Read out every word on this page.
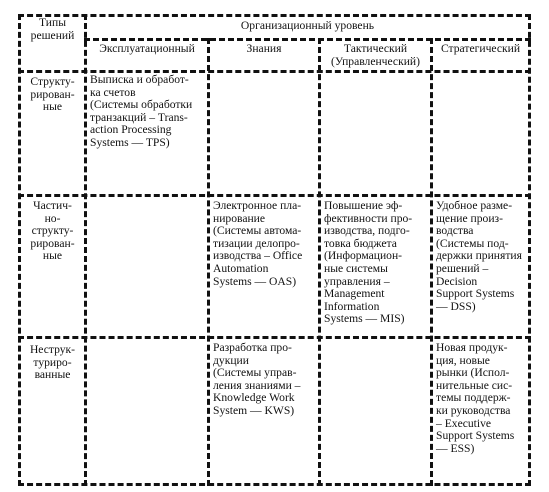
Типы
решений
Организационный уровень
Эксплуатационный	Знания	Тактический
(Управленческий)
Стратегический
Структу-
рирован-
ные
Выписка и обработ-
ка счетов
(Системы обработки
транзакций – Trans-
action Processing
Systems — TPS)
Частич-
но-
структу-
рирован-
ные
Электронное пла-
нирование
(Системы автома-
тизации делопро-
изводства – Office
Automation
Systems — OAS)
Повышение эф-
фективности про-
изводства, подго-
товка бюджета
(Информацион-
ные системы
управления –
Management
Information
Systems — MIS)
Удобное разме-
щение произ-
водства
(Системы под-
держки принятия
решений –
Decision
Support Systems
— DSS)
Неструк-
туриро-
ванные
Разработка про-
дукции
(Системы управ-
ления знаниями –
Knowledge Work
System — KWS)
Новая продук-
ция, новые
рынки (Испол-
нительные сис-
темы поддерж-
ки руководства
– Executive
Support Systems
— ESS)
